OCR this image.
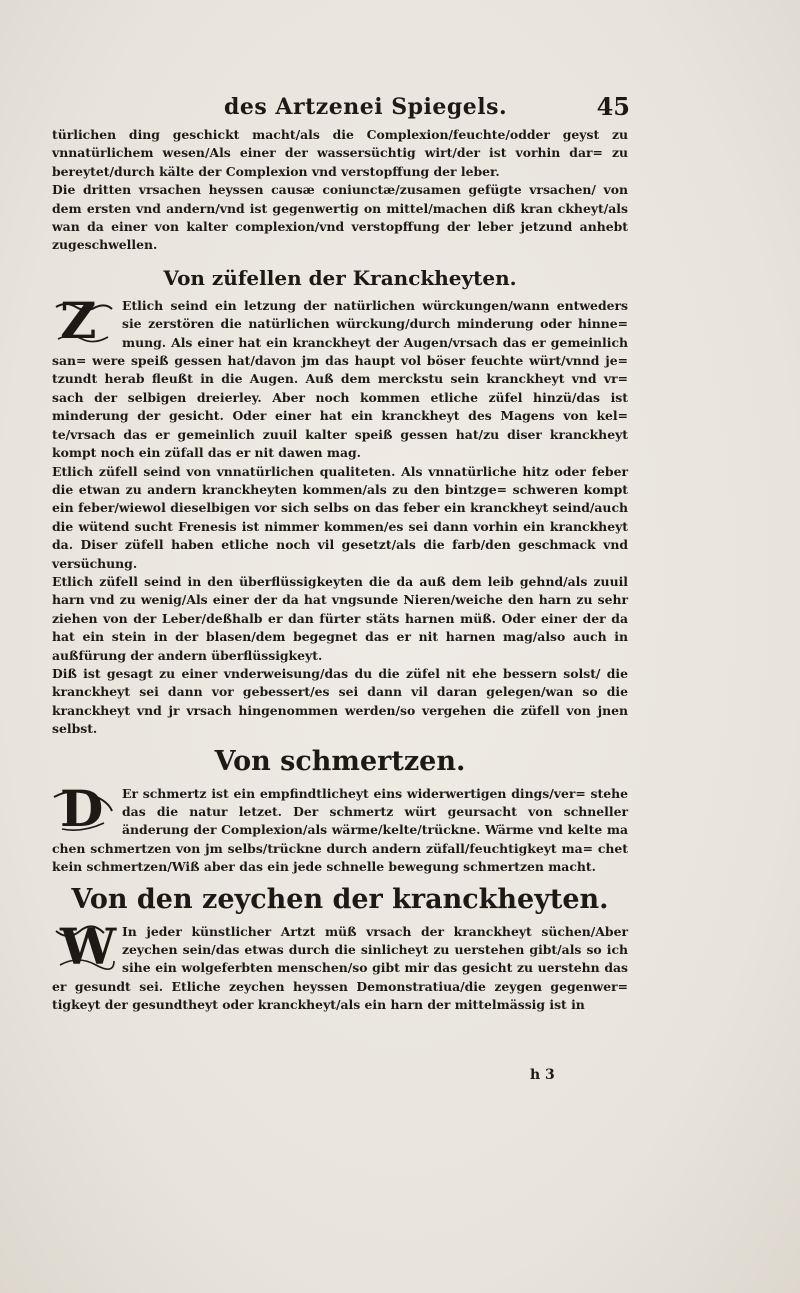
des Artzenei Spiegels.	45

türlichen ding geschickt macht/als die Complexion/feuchte/odder geyst zu vnnatürlichem wesen/Als einer der wassersüchtig wirt/der ist vorhin dar= zu bereytet/durch kälte der Complexion vnd verstopffung der leber.

Die dritten vrsachen heyssen causæ coniunctæ/zusamen gefügte vrsachen/ von dem ersten vnd andern/vnd ist gegenwertig on mittel/machen diß kran ckheyt/als wan da einer von kalter complexion/vnd verstopffung der leber jetzund anhebt zugeschwellen.

Von züfellen der Kranckheyten.
Z	Etlich seind ein letzung der natürlichen würckungen/wann entweders sie zerstören die natürlichen würckung/durch minderung oder hinne= mung. Als einer hat ein kranckheyt der Augen/vrsach das er gemeinlich san= were speiß gessen hat/davon jm das haupt vol böser feuchte würt/vnnd je= tzundt herab fleußt in die Augen. Auß dem merckstu sein kranckheyt vnd vr= sach der selbigen dreierley. Aber noch kommen etliche züfel hinzü/das ist minderung der gesicht. Oder einer hat ein kranckheyt des Magens von kel= te/vrsach das er gemeinlich zuuil kalter speiß gessen hat/zu diser kranckheyt kompt noch ein züfall das er nit dawen mag.

Etlich züfell seind von vnnatürlichen qualiteten. Als vnnatürliche hitz oder feber die etwan zu andern kranckheyten kommen/als zu den bintzge= schweren kompt ein feber/wiewol dieselbigen vor sich selbs on das feber ein kranckheyt seind/auch die wütend sucht Frenesis ist nimmer kommen/es sei dann vorhin ein kranckheyt da. Diser züfell haben etliche noch vil gesetzt/als die farb/den geschmack vnd versüchung.

Etlich züfell seind in den überflüssigkeyten die da auß dem leib gehnd/als zuuil harn vnd zu wenig/Als einer der da hat vngsunde Nieren/weiche den harn zu sehr ziehen von der Leber/deßhalb er dan fürter stäts harnen müß. Oder einer der da hat ein stein in der blasen/dem begegnet das er nit harnen mag/also auch in außfürung der andern überflüssigkeyt.

Diß ist gesagt zu einer vnderweisung/das du die züfel nit ehe bessern solst/ die kranckheyt sei dann vor gebessert/es sei dann vil daran gelegen/wan so die kranckheyt vnd jr vrsach hingenommen werden/so vergehen die züfell von jnen selbst.

Von schmertzen.
D	Er schmertz ist ein empfindtlicheyt eins widerwertigen dings/ver= stehe das die natur letzet. Der schmertz würt geursacht von schneller änderung der Complexion/als wärme/kelte/trückne. Wärme vnd kelte ma chen schmertzen von jm selbs/trückne durch andern züfall/feuchtigkeyt ma= chet kein schmertzen/Wiß aber das ein jede schnelle bewegung schmertzen macht.

Von den zeychen der kranckheyten.
W In jeder künstlicher Artzt müß vrsach der kranckheyt süchen/Aber zeychen sein/das etwas durch die sinlicheyt zu uerstehen gibt/als so ich sihe ein wolgeferbten menschen/so gibt mir das gesicht zu uerstehn das er gesundt sei. Etliche zeychen heyssen Demonstratiua/die zeygen gegenwer= tigkeyt der gesundtheyt oder kranckheyt/als ein harn der mittelmässig ist in

h 3
